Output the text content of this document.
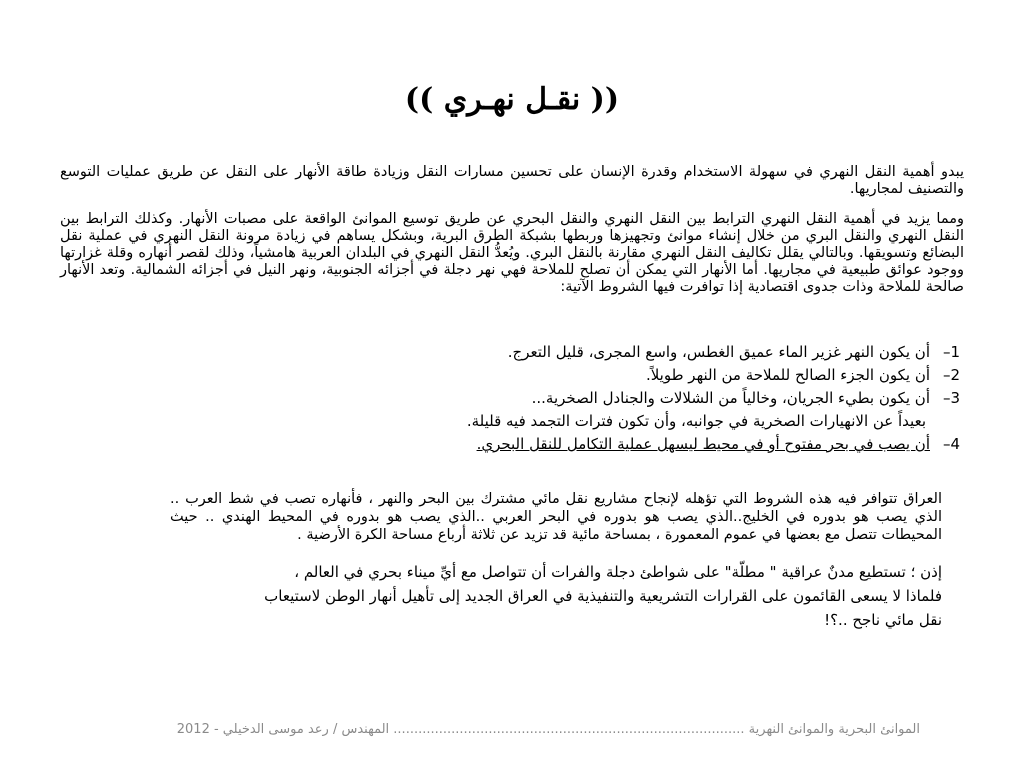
(( نقـل نهـري ))
يبدو أهمية النقل النهري في سهولة الاستخدام وقدرة الإنسان على تحسين مسارات النقل وزيادة طاقة الأنهار على النقل عن طريق عمليات التوسع والتصنيف لمجاريها.
ومما يزيد في أهمية النقل النهري الترابط بين النقل النهري والنقل البحري عن طريق توسيع الموانئ الواقعة على مصبات الأنهار. وكذلك الترابط بين النقل النهري والنقل البري من خلال إنشاء موانئ وتجهيزها وربطها بشبكة الطرق البرية، وبشكل يساهم في زيادة مرونة النقل النهري في عملية نقل البضائع وتسويقها. وبالتالي يقلل تكاليف النقل النهري مقارنة بالنقل البري. ويُعدُّ النقل النهري في البلدان العربية هامشياً، وذلك لقصر أنهاره وقلة غزارتها ووجود عوائق طبيعية في مجاريها. أما الأنهار التي يمكن أن تصلح للملاحة فهي نهر دجلة في أجزائه الجنوبية، ونهر النيل في أجزائه الشمالية. وتعد الأنهار صالحة للملاحة وذات جدوى اقتصادية إذا توافرت فيها الشروط الآتية:
1–أن يكون النهر غزير الماء عميق الغطس، واسع المجرى، قليل التعرج.
2–أن يكون الجزء الصالح للملاحة من النهر طويلاً.
3–أن يكون بطيء الجريان، وخالياً من الشلالات والجنادل الصخرية...
بعيداً عن الانهيارات الصخرية في جوانبه، وأن تكون فترات التجمد فيه قليلة.
4–أن يصب في بحر مفتوح أو في محيط ليسهل عملية التكامل للنقل البحري.
العراق تتوافر فيه هذه الشروط التي تؤهله لإنجاح مشاريع نقل مائي مشترك بين البحر والنهر ، فأنهاره تصب في شط العرب .. الذي يصب هو بدوره في الخليج..الذي يصب هو بدوره في البحر العربي ..الذي يصب هو بدوره في المحيط الهندي .. حيث المحيطات تتصل مع بعضها في عموم المعمورة ، بمساحة مائية قد تزيد عن ثلاثة أرباع مساحة الكرة الأرضية .
إذن ؛ تستطيع مدنٌ عراقية " مطلّة" على شواطئ دجلة والفرات أن تتواصل مع أيِّ ميناء بحري في العالم ،
فلماذا لا يسعى القائمون على القرارات التشريعية والتنفيذية في العراق الجديد إلى تأهيل أنهار الوطن لاستيعاب
نقل مائي ناجح ..؟!
الموانئ البحرية والموانئ النهرية ..................................................................................... المهندس / رعد موسى الدخيلي - 2012
